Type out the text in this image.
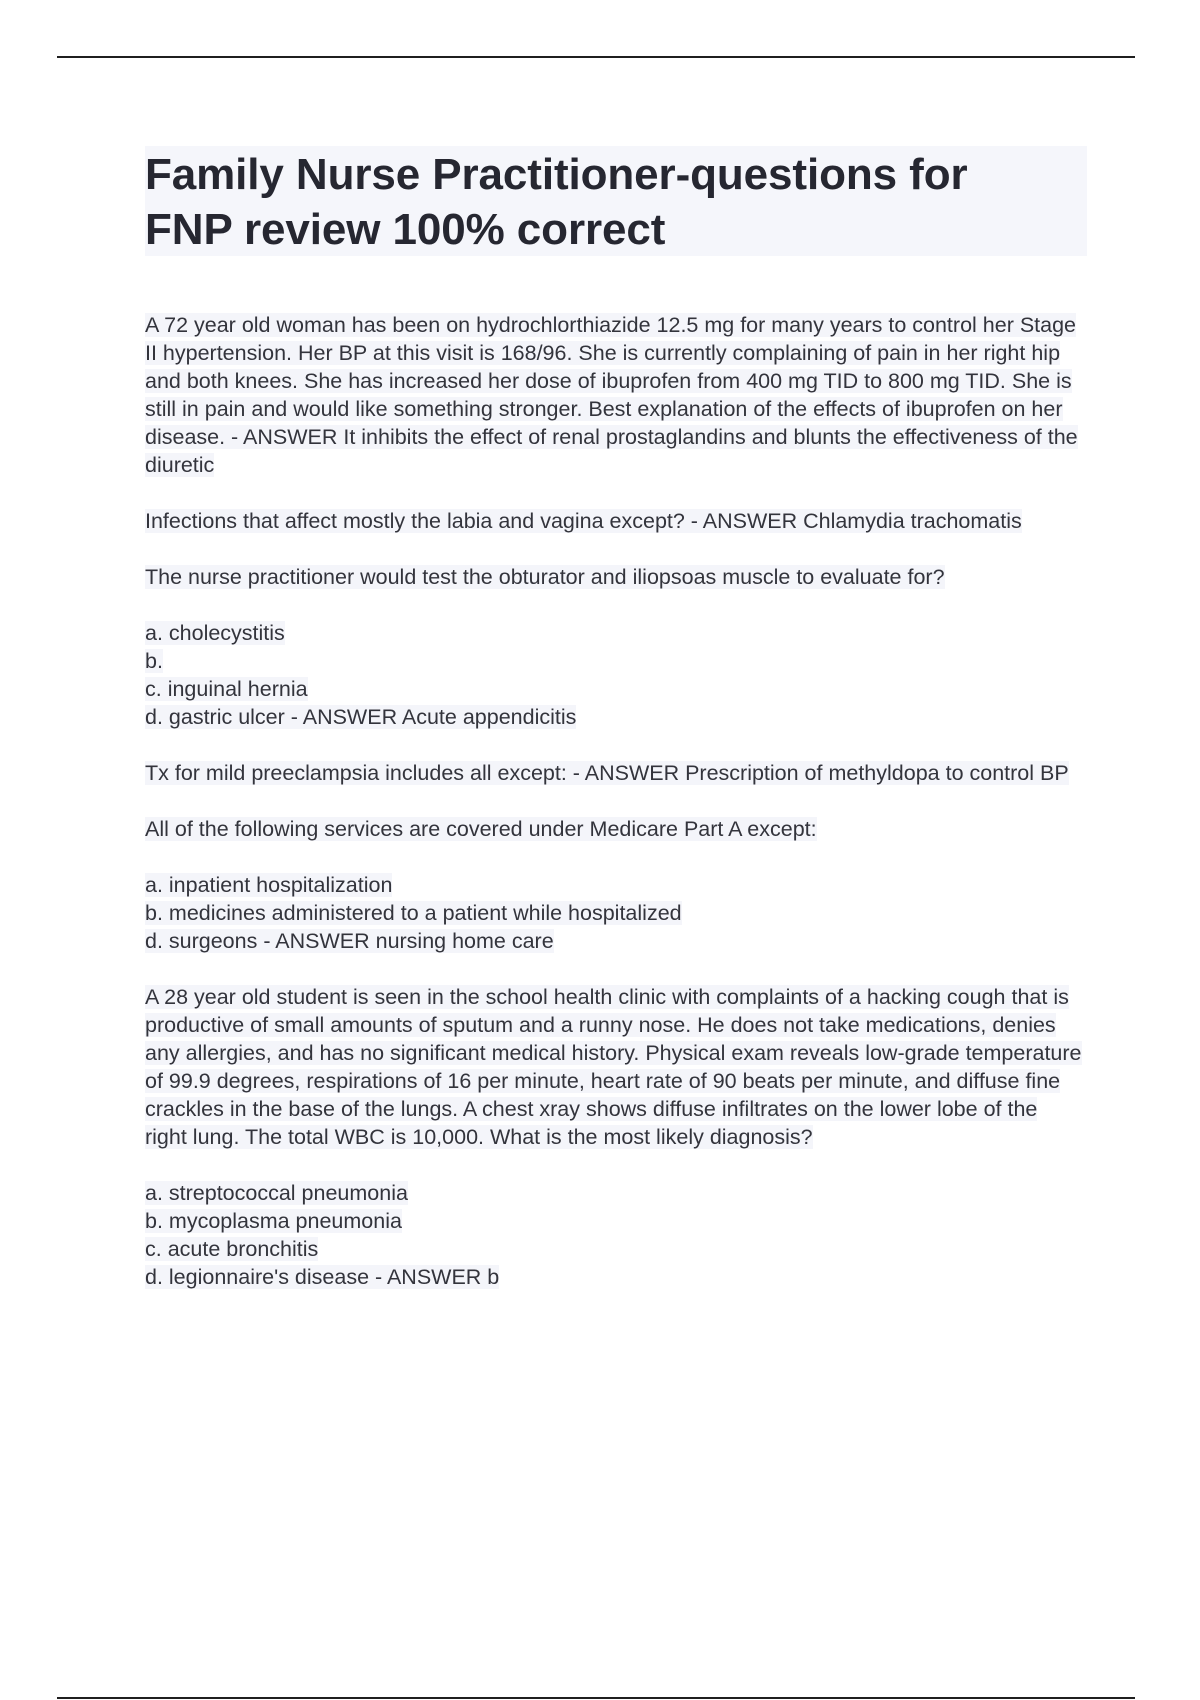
Family Nurse Practitioner-questions for
FNP review 100% correct
A 72 year old woman has been on hydrochlorthiazide 12.5 mg for many years to control her Stage II hypertension. Her BP at this visit is 168/96. She is currently complaining of pain in her right hip and both knees. She has increased her dose of ibuprofen from 400 mg TID to 800 mg TID. She is still in pain and would like something stronger. Best explanation of the effects of ibuprofen on her disease. - ANSWER It inhibits the effect of renal prostaglandins and blunts the effectiveness of the diuretic
Infections that affect mostly the labia and vagina except? - ANSWER Chlamydia trachomatis
The nurse practitioner would test the obturator and iliopsoas muscle to evaluate for?
a. cholecystitis
b.
c. inguinal hernia
d. gastric ulcer - ANSWER Acute appendicitis
Tx for mild preeclampsia includes all except: - ANSWER Prescription of methyldopa to control BP
All of the following services are covered under Medicare Part A except:
a. inpatient hospitalization
b. medicines administered to a patient while hospitalized
d. surgeons - ANSWER nursing home care
A 28 year old student is seen in the school health clinic with complaints of a hacking cough that is productive of small amounts of sputum and a runny nose. He does not take medications, denies any allergies, and has no significant medical history. Physical exam reveals low-grade temperature of 99.9 degrees, respirations of 16 per minute, heart rate of 90 beats per minute, and diffuse fine crackles in the base of the lungs. A chest xray shows diffuse infiltrates on the lower lobe of the right lung. The total WBC is 10,000. What is the most likely diagnosis?
a. streptococcal pneumonia
b. mycoplasma pneumonia
c. acute bronchitis
d. legionnaire's disease - ANSWER b
